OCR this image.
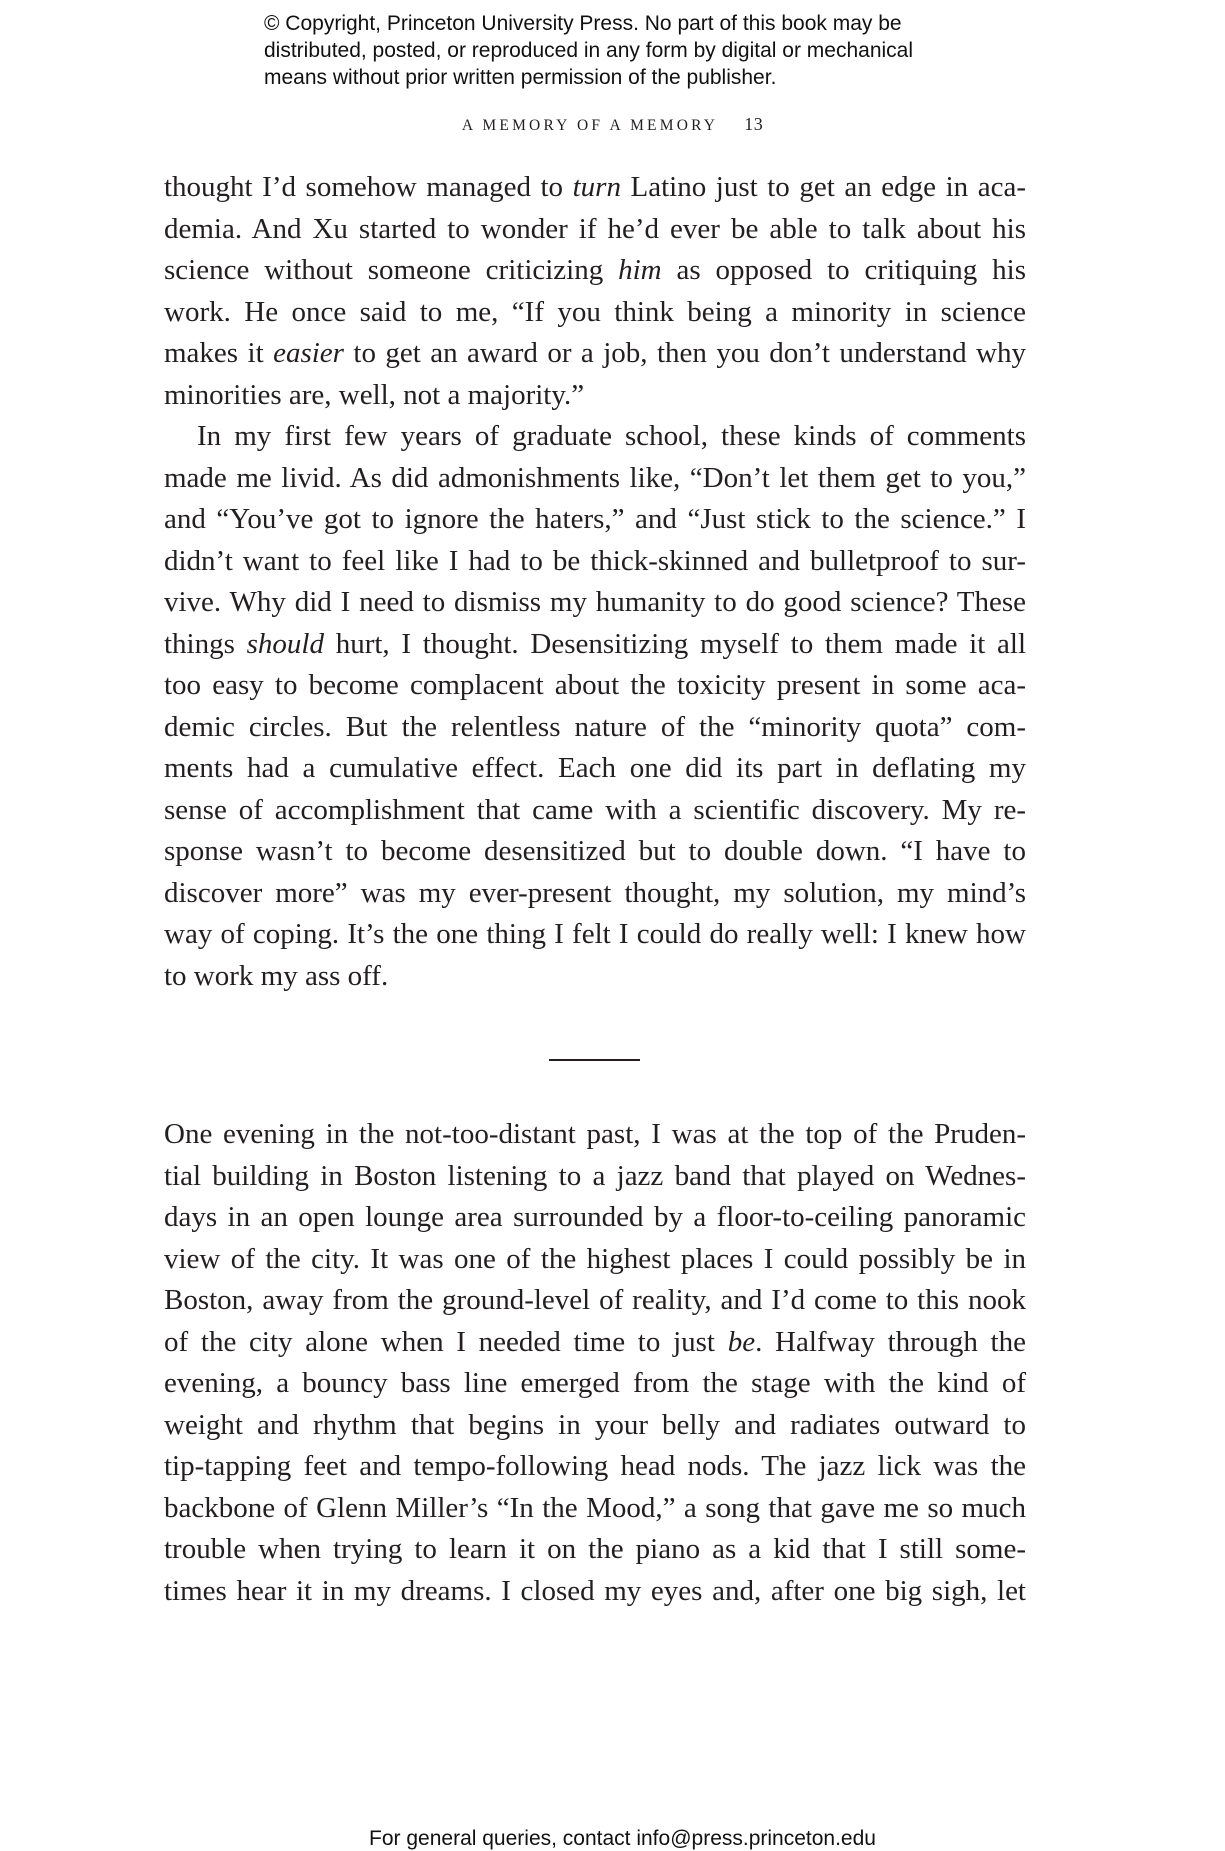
© Copyright, Princeton University Press. No part of this book may be
distributed, posted, or reproduced in any form by digital or mechanical
means without prior written permission of the publisher.
A MEMORY OF A MEMORY 13
thought I’d somehow managed to turn Latino just to get an edge in aca-
demia. And Xu started to wonder if he’d ever be able to talk about his
science without someone criticizing him as opposed to critiquing his
work. He once said to me, “If you think being a minority in science
makes it easier to get an award or a job, then you don’t understand why
minorities are, well, not a majority.”
In my first few years of graduate school, these kinds of comments
made me livid. As did admonishments like, “Don’t let them get to you,”
and “You’ve got to ignore the haters,” and “Just stick to the science.” I
didn’t want to feel like I had to be thick-skinned and bulletproof to sur-
vive. Why did I need to dismiss my humanity to do good science? These
things should hurt, I thought. Desensitizing myself to them made it all
too easy to become complacent about the toxicity present in some aca-
demic circles. But the relentless nature of the “minority quota” com-
ments had a cumulative effect. Each one did its part in deflating my
sense of accomplishment that came with a scientific discovery. My re-
sponse wasn’t to become desensitized but to double down. “I have to
discover more” was my ever-present thought, my solution, my mind’s
way of coping. It’s the one thing I felt I could do really well: I knew how
to work my ass off.
One evening in the not-too-distant past, I was at the top of the Pruden-
tial building in Boston listening to a jazz band that played on Wednes-
days in an open lounge area surrounded by a floor-to-ceiling panoramic
view of the city. It was one of the highest places I could possibly be in
Boston, away from the ground-level of reality, and I’d come to this nook
of the city alone when I needed time to just be. Halfway through the
evening, a bouncy bass line emerged from the stage with the kind of
weight and rhythm that begins in your belly and radiates outward to
tip-tapping feet and tempo-following head nods. The jazz lick was the
backbone of Glenn Miller’s “In the Mood,” a song that gave me so much
trouble when trying to learn it on the piano as a kid that I still some-
times hear it in my dreams. I closed my eyes and, after one big sigh, let
For general queries, contact info@press.princeton.edu
